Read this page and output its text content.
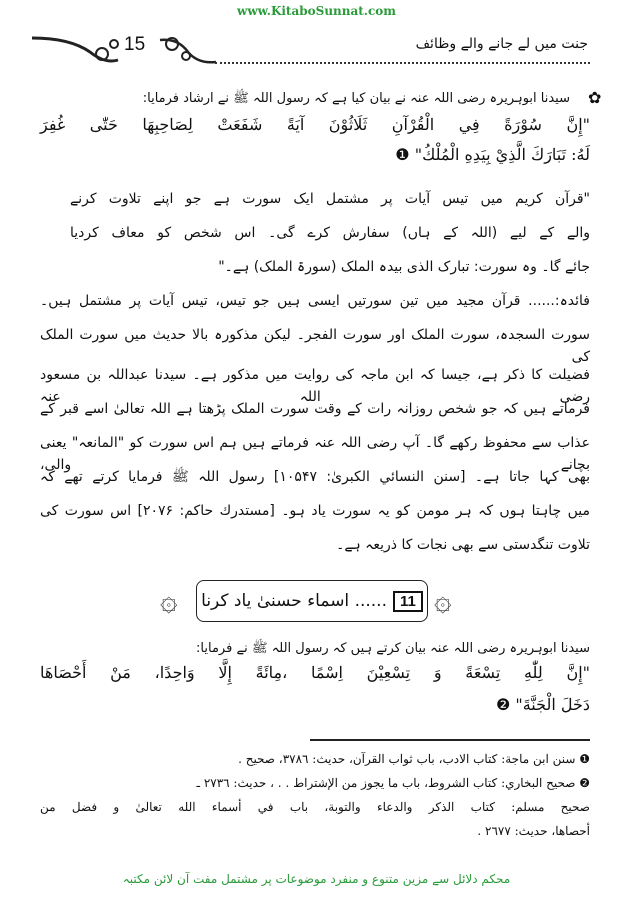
www.KitaboSunnat.com
15	جنت میں لے جانے والے وظائف
✿
سیدنا ابوہریرہ رضی اللہ عنہ نے بیان کیا ہے کہ رسول اللہ ﷺ نے ارشاد فرمایا:
"إِنَّ سُوْرَةً فِي الْقُرْآنِ ثَلَاثُوْنَ آيَةً شَفَعَتْ لِصَاحِبِهَا حَتّٰى غُفِرَ
لَهُ: تَبَارَكَ الَّذِيْ بِيَدِهِ الْمُلْكُ" ❶
"قرآن کریم میں تیس آیات پر مشتمل ایک سورت ہے جو اپنے تلاوت کرنے
والے کے لیے (اللہ کے ہاں) سفارش کرے گی۔ اس شخص کو معاف کردیا
جائے گا۔ وہ سورت: تبارک الذی بیدہ الملک (سورۃ الملک) ہے۔"
فائدہ:...... قرآن مجید میں تین سورتیں ایسی ہیں جو تیس، تیس آیات پر مشتمل ہیں۔
سورت السجدہ، سورت الملک اور سورت الفجر۔ لیکن مذکورہ بالا حدیث میں سورت الملک کی
فضیلت کا ذکر ہے، جیسا کہ ابن ماجہ کی روایت میں مذکور ہے۔ سیدنا عبداللہ بن مسعود رضی اللہ عنہ
فرماتے ہیں کہ جو شخص روزانہ رات کے وقت سورت الملک پڑھتا ہے اللہ تعالیٰ اسے قبر کے
عذاب سے محفوظ رکھے گا۔ آپ رضی اللہ عنہ فرماتے ہیں ہم اس سورت کو "المانعہ" یعنی بچانے والی،
بھی کہا جاتا ہے۔ [سنن النسائي الكبرىٰ: ۱۰۵۴۷] رسول اللہ ﷺ فرمایا کرتے تھے کہ
میں چاہتا ہوں کہ ہر مومن کو یہ سورت یاد ہو۔ [مستدرك حاكم: ۲۰۷۶] اس سورت کی
تلاوت تنگدستی سے بھی نجات کا ذریعہ ہے۔
۞	11
...... اسماء حسنیٰ یاد کرنا ۞
سیدنا ابوہریرہ رضی اللہ عنہ بیان کرتے ہیں کہ رسول اللہ ﷺ نے فرمایا:
"إِنَّ لِلّٰهِ تِسْعَةً وَ تِسْعِيْنَ اِسْمًا ،مِائَةً إِلَّا وَاحِدًا، مَنْ أَحْصَاهَا
دَخَلَ الْجَنَّةَ" ❷
❶ سنن ابن ماجة: كتاب الادب، باب ثواب القرآن، حديث: ۳۷۸٦، صحيح .
❷ صحيح البخاري: كتاب الشروط، باب ما يجوز من الإشتراط . . ، حديث: ۲۷۳٦ ـ
صحيح مسلم: كتاب الذكر والدعاء والتوبة، باب في أسماء الله تعالىٰ و فضل من
أحصاها، حديث: ۲٦۷۷ .
محکم دلائل سے مزین متنوع و منفرد موضوعات پر مشتمل مفت آن لائن مکتبہ
